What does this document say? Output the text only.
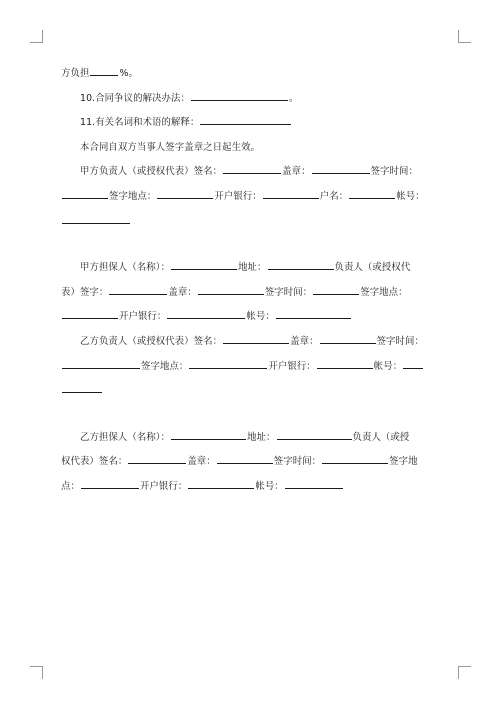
方负担	%。
10.合同争议的解决办法：	。
11.有关名词和术语的解释：
本合同自双方当事人签字盖章之日起生效。
甲方负责人（或授权代表）签名：	盖章：	签字时间：
签字地点：	开户银行：	户名：	帐号：
甲方担保人（名称）：	地址：	负责人（或授权代
表）签字：	盖章：	签字时间：	签字地点：
开户银行：	帐号：
乙方负责人（或授权代表）签名：	盖章：	签字时间：
签字地点：	开户银行：	帐号：
乙方担保人（名称）：	地址：	负责人（或授
权代表）签名：	盖章：	签字时间：	签字地
点：	开户银行：	帐号：
